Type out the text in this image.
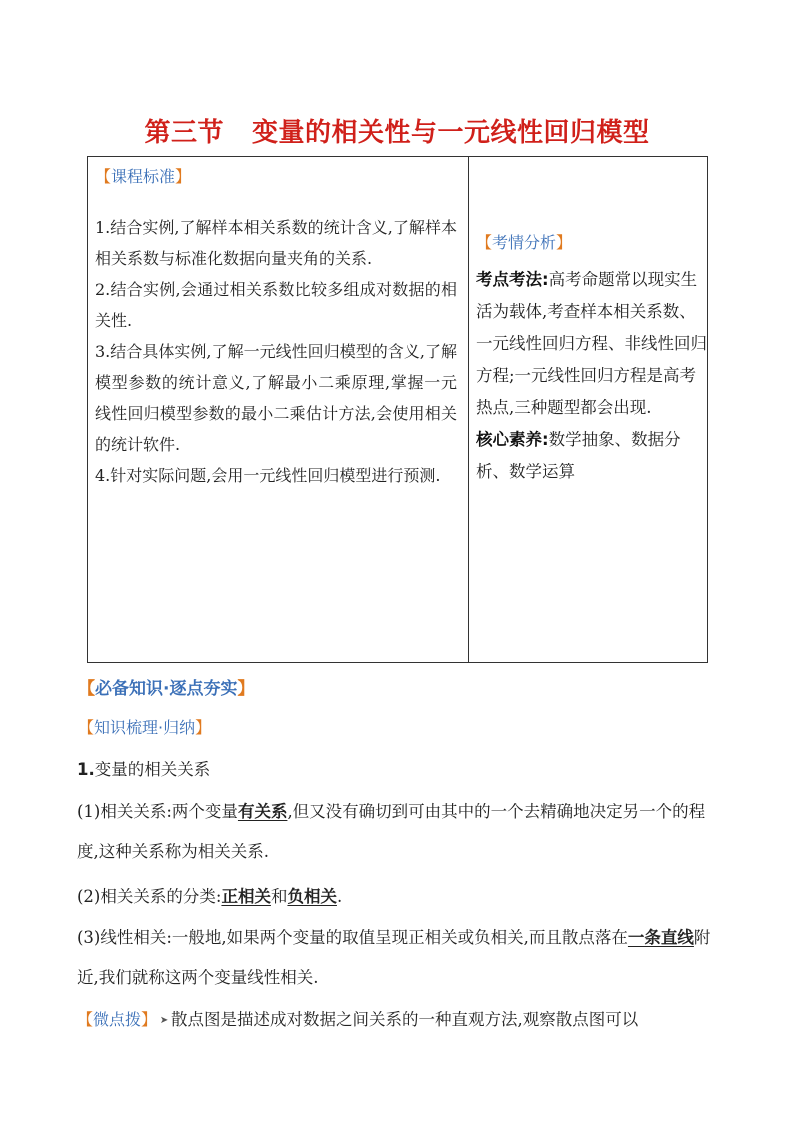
第三节 变量的相关性与一元线性回归模型
【课程标准】

1.结合实例,了解样本相关系数的统计含义,了解样本相关系数与标准化数据向量夹角的关系.

2.结合实例,会通过相关系数比较多组成对数据的相关性.

3.结合具体实例,了解一元线性回归模型的含义,了解模型参数的统计意义,了解最小二乘原理,掌握一元线性回归模型参数的最小二乘估计方法,会使用相关的统计软件.

4.针对实际问题,会用一元线性回归模型进行预测.

【考情分析】

考点考法:高考命题常以现实生活为载体,考查样本相关系数、一元线性回归方程、非线性回归方程;一元线性回归方程是高考热点,三种题型都会出现.

核心素养:数学抽象、数据分析、数学运算

【必备知识·逐点夯实】
【知识梳理·归纳】

1.变量的相关关系

(1)相关关系:两个变量有关系,但又没有确切到可由其中的一个去精确地决定另一个的程度,这种关系称为相关关系.

(2)相关关系的分类:正相关和负相关.

(3)线性相关:一般地,如果两个变量的取值呈现正相关或负相关,而且散点落在一条直线附近,我们就称这两个变量线性相关.

【微点拨】 ➤ 散点图是描述成对数据之间关系的一种直观方法,观察散点图可以
